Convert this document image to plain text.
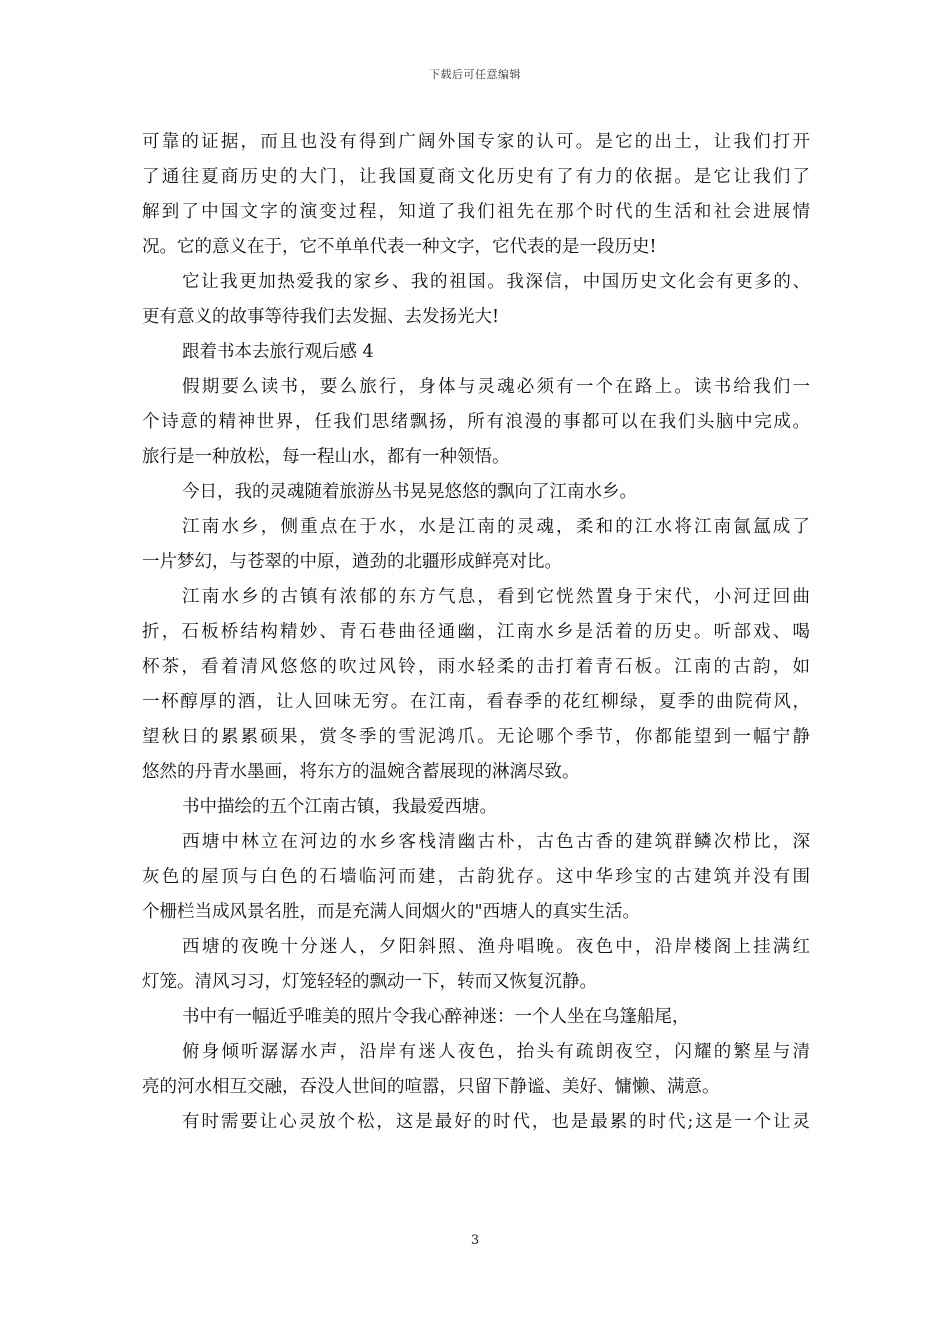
下载后可任意编辑
可靠的证据，而且也没有得到广阔外国专家的认可。是它的出土，让我们打开
了通往夏商历史的大门，让我国夏商文化历史有了有力的依据。是它让我们了
解到了中国文字的演变过程，知道了我们祖先在那个时代的生活和社会进展情
况。它的意义在于，它不单单代表一种文字，它代表的是一段历史!
它让我更加热爱我的家乡、我的祖国。我深信，中国历史文化会有更多的、
更有意义的故事等待我们去发掘、去发扬光大!
跟着书本去旅行观后感 4
假期要么读书，要么旅行，身体与灵魂必须有一个在路上。读书给我们一
个诗意的精神世界，任我们思绪飘扬，所有浪漫的事都可以在我们头脑中完成。
旅行是一种放松，每一程山水，都有一种领悟。
今日，我的灵魂随着旅游丛书晃晃悠悠的飘向了江南水乡。
江南水乡，侧重点在于水，水是江南的灵魂，柔和的江水将江南氤氲成了
一片梦幻，与苍翠的中原，遒劲的北疆形成鲜亮对比。
江南水乡的古镇有浓郁的东方气息，看到它恍然置身于宋代，小河迂回曲
折，石板桥结构精妙、青石巷曲径通幽，江南水乡是活着的历史。听部戏、喝
杯茶，看着清风悠悠的吹过风铃，雨水轻柔的击打着青石板。江南的古韵，如
一杯醇厚的酒，让人回味无穷。在江南，看春季的花红柳绿，夏季的曲院荷风，
望秋日的累累硕果，赏冬季的雪泥鸿爪。无论哪个季节，你都能望到一幅宁静
悠然的丹青水墨画，将东方的温婉含蓄展现的淋漓尽致。
书中描绘的五个江南古镇，我最爱西塘。
西塘中林立在河边的水乡客栈清幽古朴，古色古香的建筑群鳞次栉比，深
灰色的屋顶与白色的石墙临河而建，古韵犹存。这中华珍宝的古建筑并没有围
个栅栏当成风景名胜，而是充满人间烟火的"西塘人的真实生活。
西塘的夜晚十分迷人，夕阳斜照、渔舟唱晚。夜色中，沿岸楼阁上挂满红
灯笼。清风习习，灯笼轻轻的飘动一下，转而又恢复沉静。
书中有一幅近乎唯美的照片令我心醉神迷：一个人坐在乌篷船尾，
俯身倾听潺潺水声，沿岸有迷人夜色，抬头有疏朗夜空，闪耀的繁星与清
亮的河水相互交融，吞没人世间的喧嚣，只留下静谧、美好、慵懒、满意。
有时需要让心灵放个松，这是最好的时代，也是最累的时代;这是一个让灵
3
